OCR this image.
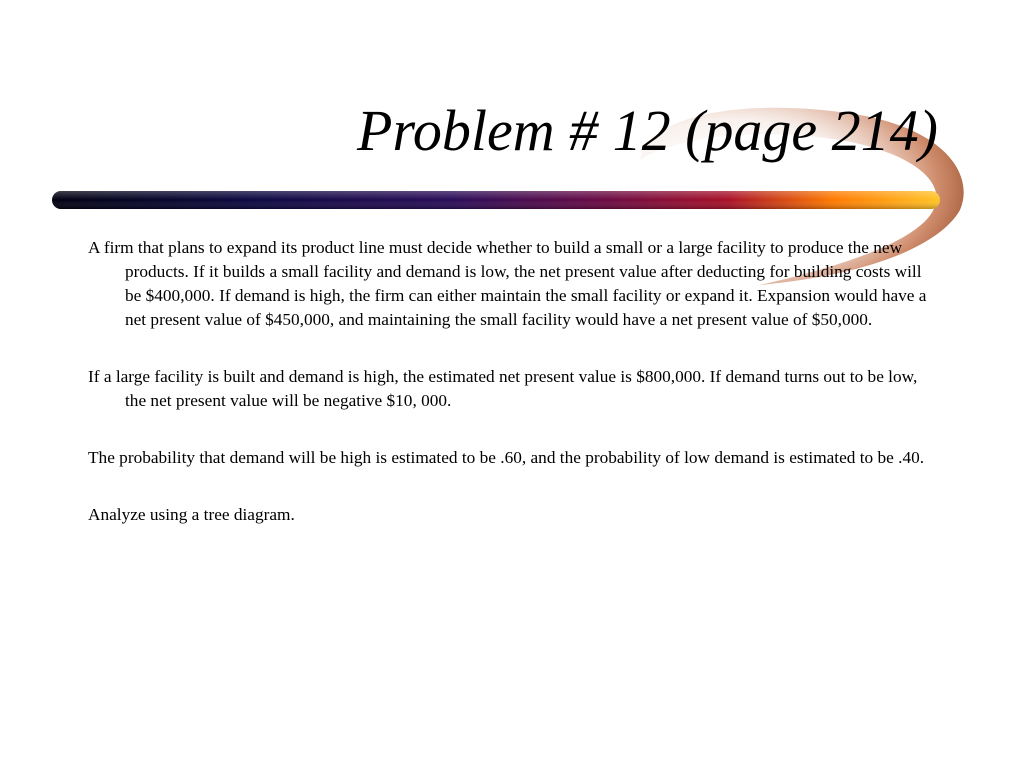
Problem # 12 (page 214)

A firm that plans to expand its product line must decide whether to build a small or a large facility to produce the new products. If it builds a small facility and demand is low, the net present value after deducting for building costs will be $400,000. If demand is high, the firm can either maintain the small facility or expand it. Expansion would have a net present value of $450,000, and maintaining the small facility would have a net present value of $50,000.

If a large facility is built and demand is high, the estimated net present value is $800,000. If demand turns out to be low, the net present value will be negative $10, 000.

The probability that demand will be high is estimated to be .60, and the probability of low demand is estimated to be .40.

Analyze using a tree diagram.
